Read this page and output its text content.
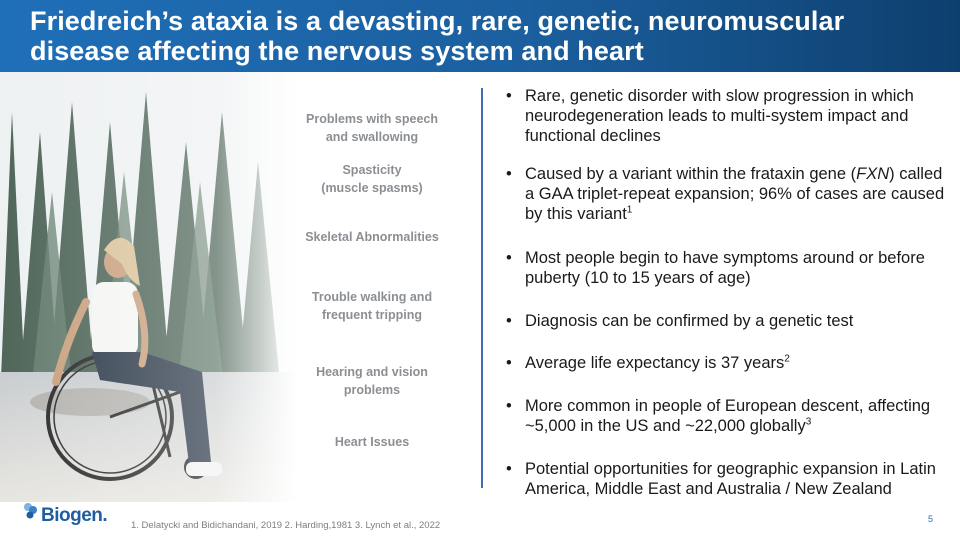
Friedreich’s ataxia is a devasting, rare, genetic, neuromuscular disease affecting the nervous system and heart
Problems with speech
and swallowing
Spasticity
(muscle spasms)
Skeletal Abnormalities
Trouble walking and
frequent tripping
Hearing and vision
problems
Heart Issues
• Rare, genetic disorder with slow progression in which neurodegeneration leads to multi-system impact and functional declines
• Caused by a variant within the frataxin gene (FXN) called a GAA triplet-repeat expansion; 96% of cases are caused by this variant$^1$
• Most people begin to have symptoms around or before puberty (10 to 15 years of age)
• Diagnosis can be confirmed by a genetic test
• Average life expectancy is 37 years$^2$
• More common in people of European descent, affecting ~5,000 in the US and ~22,000 globally$^3$
• Potential opportunities for geographic expansion in Latin America, Middle East and Australia / New Zealand
Biogen.	1. Delatycki and Bidichandani, 2019 2. Harding,1981 3. Lynch et al., 2022
5
